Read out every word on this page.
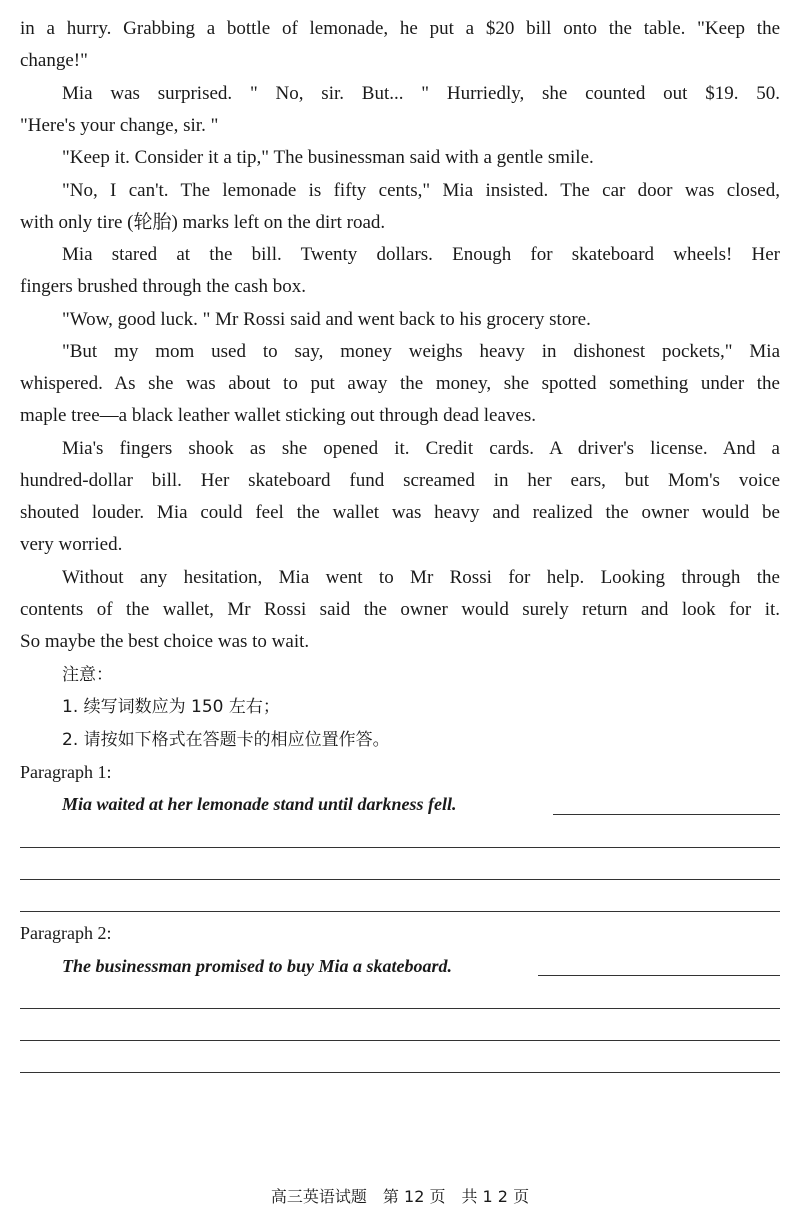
in a hurry. Grabbing a bottle of lemonade, he put a $20 bill onto the table. "Keep the
change!"
Mia was surprised. " No, sir. But... " Hurriedly, she counted out $19. 50.
"Here's your change, sir. "
"Keep it. Consider it a tip," The businessman said with a gentle smile.
"No, I can't. The lemonade is fifty cents," Mia insisted. The car door was closed,
with only tire (轮胎) marks left on the dirt road.
Mia stared at the bill. Twenty dollars. Enough for skateboard wheels! Her
fingers brushed through the cash box.
"Wow, good luck. " Mr Rossi said and went back to his grocery store.
"But my mom used to say, money weighs heavy in dishonest pockets," Mia
whispered. As she was about to put away the money, she spotted something under the
maple tree—a black leather wallet sticking out through dead leaves.
Mia's fingers shook as she opened it. Credit cards. A driver's license. And a
hundred-dollar bill. Her skateboard fund screamed in her ears, but Mom's voice
shouted louder. Mia could feel the wallet was heavy and realized the owner would be
very worried.
Without any hesitation, Mia went to Mr Rossi for help. Looking through the
contents of the wallet, Mr Rossi said the owner would surely return and look for it.
So maybe the best choice was to wait.
注意：
1. 续写词数应为 150 左右；
2. 请按如下格式在答题卡的相应位置作答。
Paragraph 1:
Mia waited at her lemonade stand until darkness fell.
Paragraph 2:
The businessman promised to buy Mia a skateboard.
高三英语试题　第 12 页　共 1 2 页
